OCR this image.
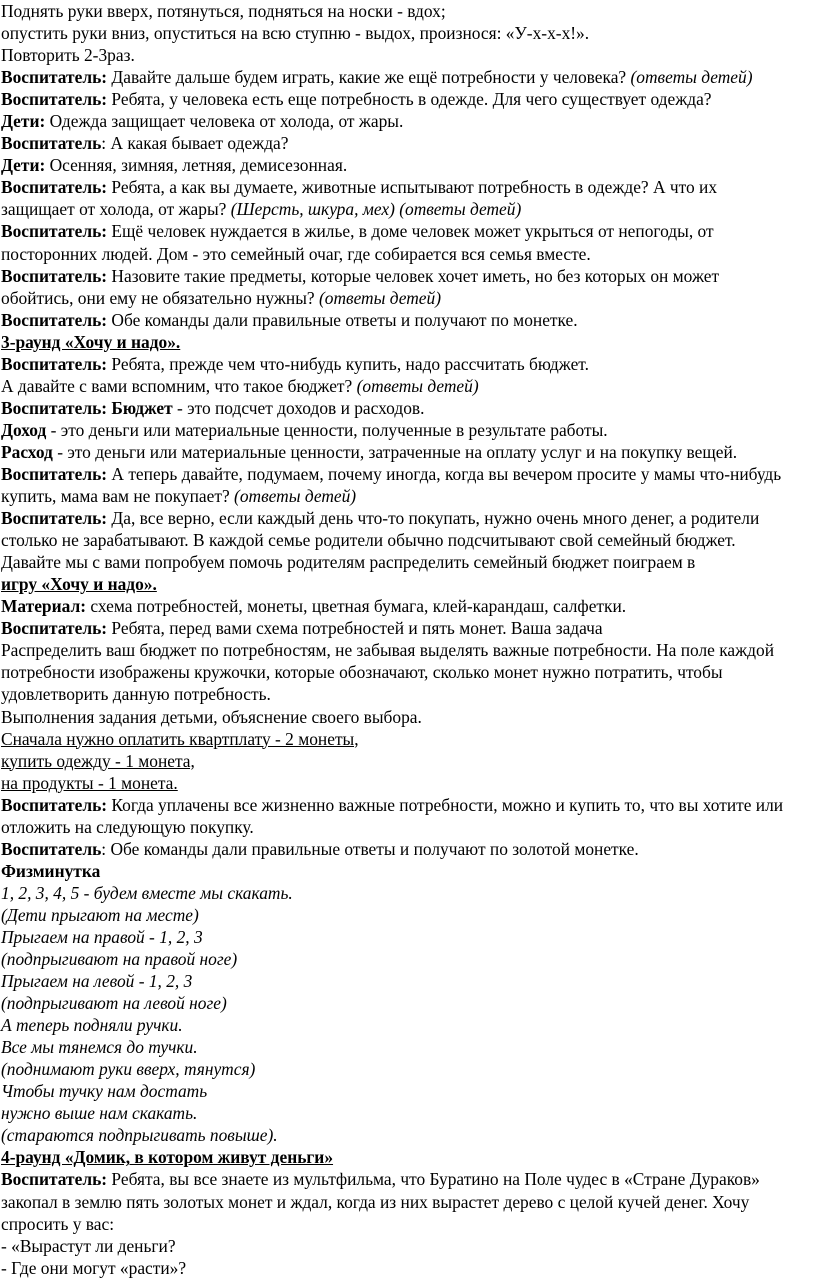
Поднять руки вверх, потянуться, подняться на носки - вдох;

опустить руки вниз, опуститься на всю ступню - выдох, произнося: «У-х-х-х!».

Повторить 2-3раз.

Воспитатель: Давайте дальше будем играть, какие же ещё потребности у человека? (ответы детей)

Воспитатель: Ребята, у человека есть еще потребность в одежде. Для чего существует одежда?

Дети: Одежда защищает человека от холода, от жары.

Воспитатель: А какая бывает одежда?

Дети: Осенняя, зимняя, летняя, демисезонная.

Воспитатель: Ребята, а как вы думаете, животные испытывают потребность в одежде? А что их

защищает от холода, от жары? (Шерсть, шкура, мех) (ответы детей)

Воспитатель: Ещё человек нуждается в жилье, в доме человек может укрыться от непогоды, от

посторонних людей. Дом - это семейный очаг, где собирается вся семья вместе.

Воспитатель: Назовите такие предметы, которые человек хочет иметь, но без которых он может

обойтись, они ему не обязательно нужны? (ответы детей)

Воспитатель: Обе команды дали правильные ответы и получают по монетке.

3-раунд «Хочу и надо».

Воспитатель: Ребята, прежде чем что-нибудь купить, надо рассчитать бюджет.

А давайте с вами вспомним, что такое бюджет? (ответы детей)

Воспитатель: Бюджет - это подсчет доходов и расходов.

Доход - это деньги или материальные ценности, полученные в результате работы.

Расход - это деньги или материальные ценности, затраченные на оплату услуг и на покупку вещей.

Воспитатель: А теперь давайте, подумаем, почему иногда, когда вы вечером просите у мамы что-нибудь

купить, мама вам не покупает? (ответы детей)

Воспитатель: Да, все верно, если каждый день что-то покупать, нужно очень много денег, а родители

столько не зарабатывают. В каждой семье родители обычно подсчитывают свой семейный бюджет.

Давайте мы с вами попробуем помочь родителям распределить семейный бюджет поиграем в

игру «Хочу и надо».

Материал: схема потребностей, монеты, цветная бумага, клей-карандаш, салфетки.

Воспитатель: Ребята, перед вами схема потребностей и пять монет. Ваша задача

Распределить ваш бюджет по потребностям, не забывая выделять важные потребности. На поле каждой

потребности изображены кружочки, которые обозначают, сколько монет нужно потратить, чтобы

удовлетворить данную потребность.

Выполнения задания детьми, объяснение своего выбора.

Сначала нужно оплатить квартплату - 2 монеты,

купить одежду - 1 монета,

на продукты - 1 монета.

Воспитатель: Когда уплачены все жизненно важные потребности, можно и купить то, что вы хотите или

отложить на следующую покупку.

Воспитатель: Обе команды дали правильные ответы и получают по золотой монетке.

Физминутка

1, 2, 3, 4, 5 - будем вместе мы скакать.

(Дети прыгают на месте)

Прыгаем на правой - 1, 2, 3

(подпрыгивают на правой ноге)

Прыгаем на левой - 1, 2, 3

(подпрыгивают на левой ноге)

А теперь подняли ручки.

Все мы тянемся до тучки.

(поднимают руки вверх, тянутся)

Чтобы тучку нам достать

нужно выше нам скакать.

(стараются подпрыгивать повыше).

4-раунд «Домик, в котором живут деньги»

Воспитатель: Ребята, вы все знаете из мультфильма, что Буратино на Поле чудес в «Стране Дураков»

закопал в землю пять золотых монет и ждал, когда из них вырастет дерево с целой кучей денег. Хочу

спросить у вас:

- «Вырастут ли деньги?

- Где они могут «расти»?
